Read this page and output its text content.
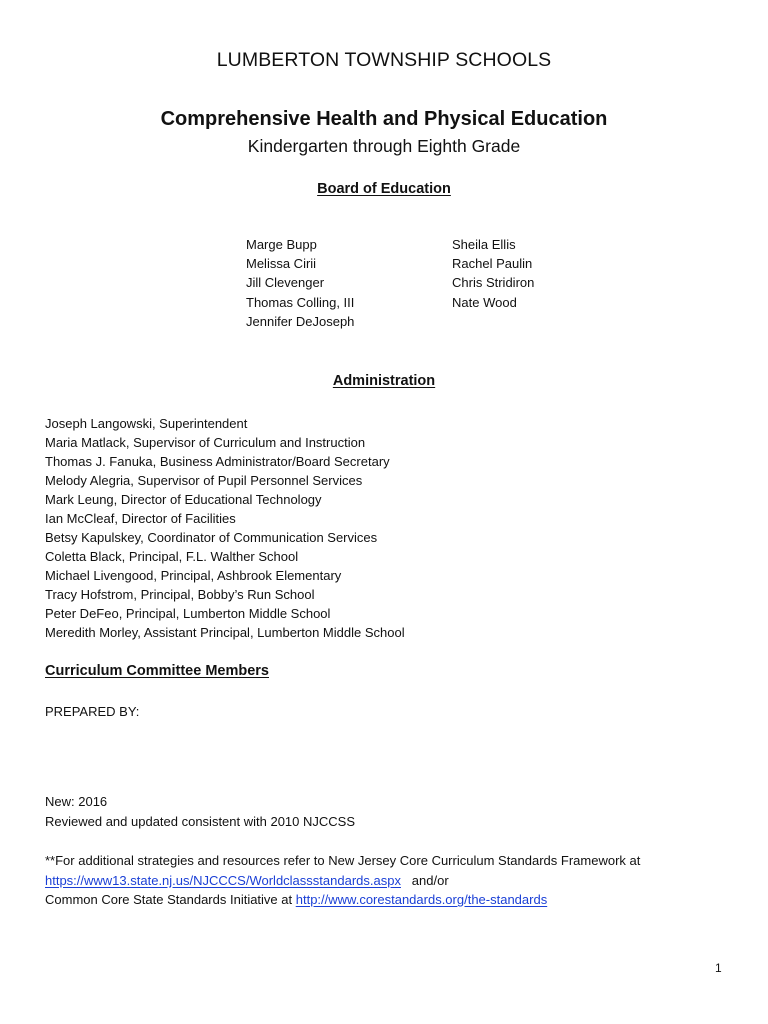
LUMBERTON TOWNSHIP SCHOOLS
Comprehensive Health and Physical Education
Kindergarten through Eighth Grade
Board of Education
Marge Bupp
Melissa Cirii
Jill Clevenger
Thomas Colling, III
Jennifer DeJoseph
Sheila Ellis
Rachel Paulin
Chris Stridiron
Nate Wood
Administration
Joseph Langowski, Superintendent
Maria Matlack, Supervisor of Curriculum and Instruction
Thomas J. Fanuka, Business Administrator/Board Secretary
Melody Alegria, Supervisor of Pupil Personnel Services
Mark Leung, Director of Educational Technology
Ian McCleaf, Director of Facilities
Betsy Kapulskey, Coordinator of Communication Services
Coletta Black, Principal, F.L. Walther School
Michael Livengood, Principal, Ashbrook Elementary
Tracy Hofstrom, Principal, Bobby’s Run School
Peter DeFeo, Principal, Lumberton Middle School
Meredith Morley, Assistant Principal, Lumberton Middle School
Curriculum Committee Members
PREPARED BY:
New: 2016
Reviewed and updated consistent with 2010 NJCCSS
**For additional strategies and resources refer to New Jersey Core Curriculum Standards Framework at
https://www13.state.nj.us/NJCCCS/Worldclassstandards.aspx and/or
Common Core State Standards Initiative at http://www.corestandards.org/the-standards
1
